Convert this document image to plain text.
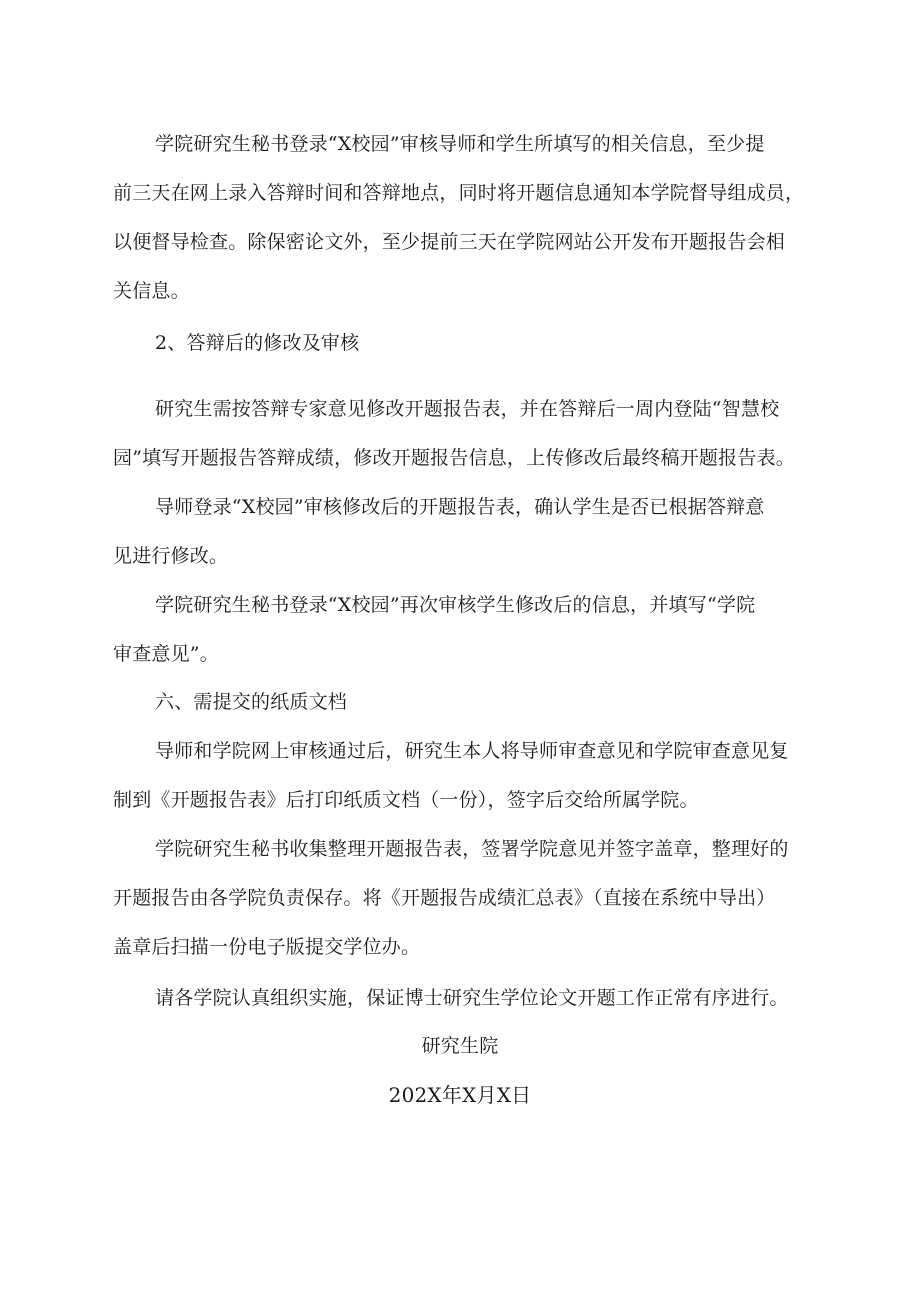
学院研究生秘书登录“X校园”审核导师和学生所填写的相关信息，至少提
前三天在网上录入答辩时间和答辩地点，同时将开题信息通知本学院督导组成员，
以便督导检查。除保密论文外，至少提前三天在学院网站公开发布开题报告会相
关信息。
2、答辩后的修改及审核
研究生需按答辩专家意见修改开题报告表，并在答辩后一周内登陆“智慧校
园”填写开题报告答辩成绩，修改开题报告信息，上传修改后最终稿开题报告表。
导师登录“X校园”审核修改后的开题报告表，确认学生是否已根据答辩意
见进行修改。
学院研究生秘书登录“X校园”再次审核学生修改后的信息，并填写“学院
审查意见”。
六、需提交的纸质文档
导师和学院网上审核通过后，研究生本人将导师审查意见和学院审查意见复
制到《开题报告表》后打印纸质文档（一份），签字后交给所属学院。
学院研究生秘书收集整理开题报告表，签署学院意见并签字盖章，整理好的
开题报告由各学院负责保存。将《开题报告成绩汇总表》（直接在系统中导出）
盖章后扫描一份电子版提交学位办。
请各学院认真组织实施，保证博士研究生学位论文开题工作正常有序进行。
研究生院
202X年X月X日
